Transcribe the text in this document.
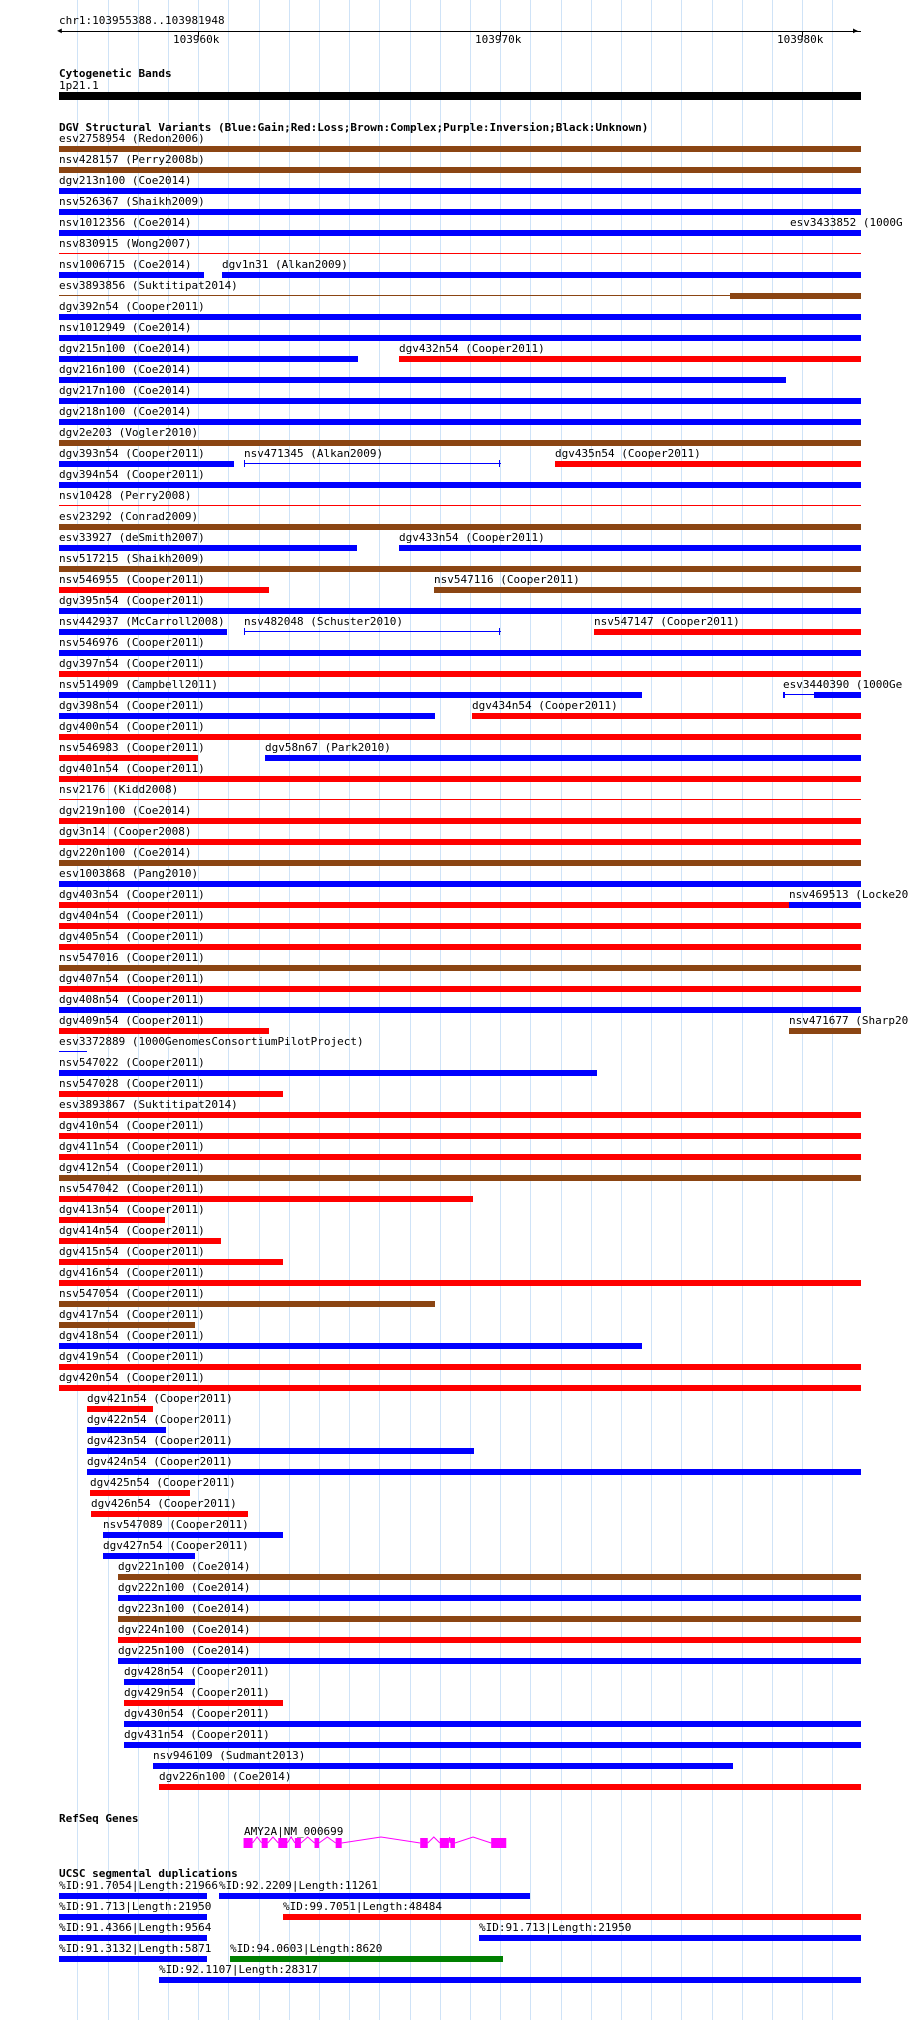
chr1:103955388..103981948
103960k	103970k	103980k
◀	▶
Cytogenetic Bands
1p21.1
DGV Structural Variants (Blue:Gain;Red:Loss;Brown:Complex;Purple:Inversion;Black:Unknown)
esv2758954 (Redon2006)
nsv428157 (Perry2008b)
dgv213n100 (Coe2014)
nsv526367 (Shaikh2009)
nsv1012356 (Coe2014)	esv3433852 (1000G
nsv830915 (Wong2007)
nsv1006715 (Coe2014)	dgv1n31 (Alkan2009)
esv3893856 (Suktitipat2014)
dgv392n54 (Cooper2011)
nsv1012949 (Coe2014)
dgv215n100 (Coe2014)	dgv432n54 (Cooper2011)
dgv216n100 (Coe2014)
dgv217n100 (Coe2014)
dgv218n100 (Coe2014)
dgv2e203 (Vogler2010)
dgv393n54 (Cooper2011)	nsv471345 (Alkan2009)	dgv435n54 (Cooper2011)
dgv394n54 (Cooper2011)
nsv10428 (Perry2008)
esv23292 (Conrad2009)
esv33927 (deSmith2007)	dgv433n54 (Cooper2011)
nsv517215 (Shaikh2009)
nsv546955 (Cooper2011)	nsv547116 (Cooper2011)
dgv395n54 (Cooper2011)
nsv442937 (McCarroll2008) nsv482048 (Schuster2010)	nsv547147 (Cooper2011)
nsv546976 (Cooper2011)
dgv397n54 (Cooper2011)
nsv514909 (Campbell2011)	esv3440390 (1000Ge
dgv398n54 (Cooper2011)	dgv434n54 (Cooper2011)
dgv400n54 (Cooper2011)
nsv546983 (Cooper2011)	dgv58n67 (Park2010)
dgv401n54 (Cooper2011)
nsv2176 (Kidd2008)
dgv219n100 (Coe2014)
dgv3n14 (Cooper2008)
dgv220n100 (Coe2014)
esv1003868 (Pang2010)
dgv403n54 (Cooper2011)	nsv469513 (Locke20
dgv404n54 (Cooper2011)
dgv405n54 (Cooper2011)
nsv547016 (Cooper2011)
dgv407n54 (Cooper2011)
dgv408n54 (Cooper2011)
dgv409n54 (Cooper2011)	nsv471677 (Sharp20
esv3372889 (1000GenomesConsortiumPilotProject)
nsv547022 (Cooper2011)
nsv547028 (Cooper2011)
esv3893867 (Suktitipat2014)
dgv410n54 (Cooper2011)
dgv411n54 (Cooper2011)
dgv412n54 (Cooper2011)
nsv547042 (Cooper2011)
dgv413n54 (Cooper2011)
dgv414n54 (Cooper2011)
dgv415n54 (Cooper2011)
dgv416n54 (Cooper2011)
nsv547054 (Cooper2011)
dgv417n54 (Cooper2011)
dgv418n54 (Cooper2011)
dgv419n54 (Cooper2011)
dgv420n54 (Cooper2011)
dgv421n54 (Cooper2011)
dgv422n54 (Cooper2011)
dgv423n54 (Cooper2011)
dgv424n54 (Cooper2011)
dgv425n54 (Cooper2011)
dgv426n54 (Cooper2011)
nsv547089 (Cooper2011)
dgv427n54 (Cooper2011)
dgv221n100 (Coe2014)
dgv222n100 (Coe2014)
dgv223n100 (Coe2014)
dgv224n100 (Coe2014)
dgv225n100 (Coe2014)
dgv428n54 (Cooper2011)
dgv429n54 (Cooper2011)
dgv430n54 (Cooper2011)
dgv431n54 (Cooper2011)
nsv946109 (Sudmant2013)
dgv226n100 (Coe2014)
RefSeq Genes
AMY2A|NM_000699
UCSC segmental duplications
%ID:91.7054|Length:21966 %ID:92.2209|Length:11261
%ID:91.713|Length:21950	%ID:99.7051|Length:48484
%ID:91.4366|Length:9564	%ID:91.713|Length:21950
%ID:91.3132|Length:5871 %ID:94.0603|Length:8620
%ID:92.1107|Length:28317
